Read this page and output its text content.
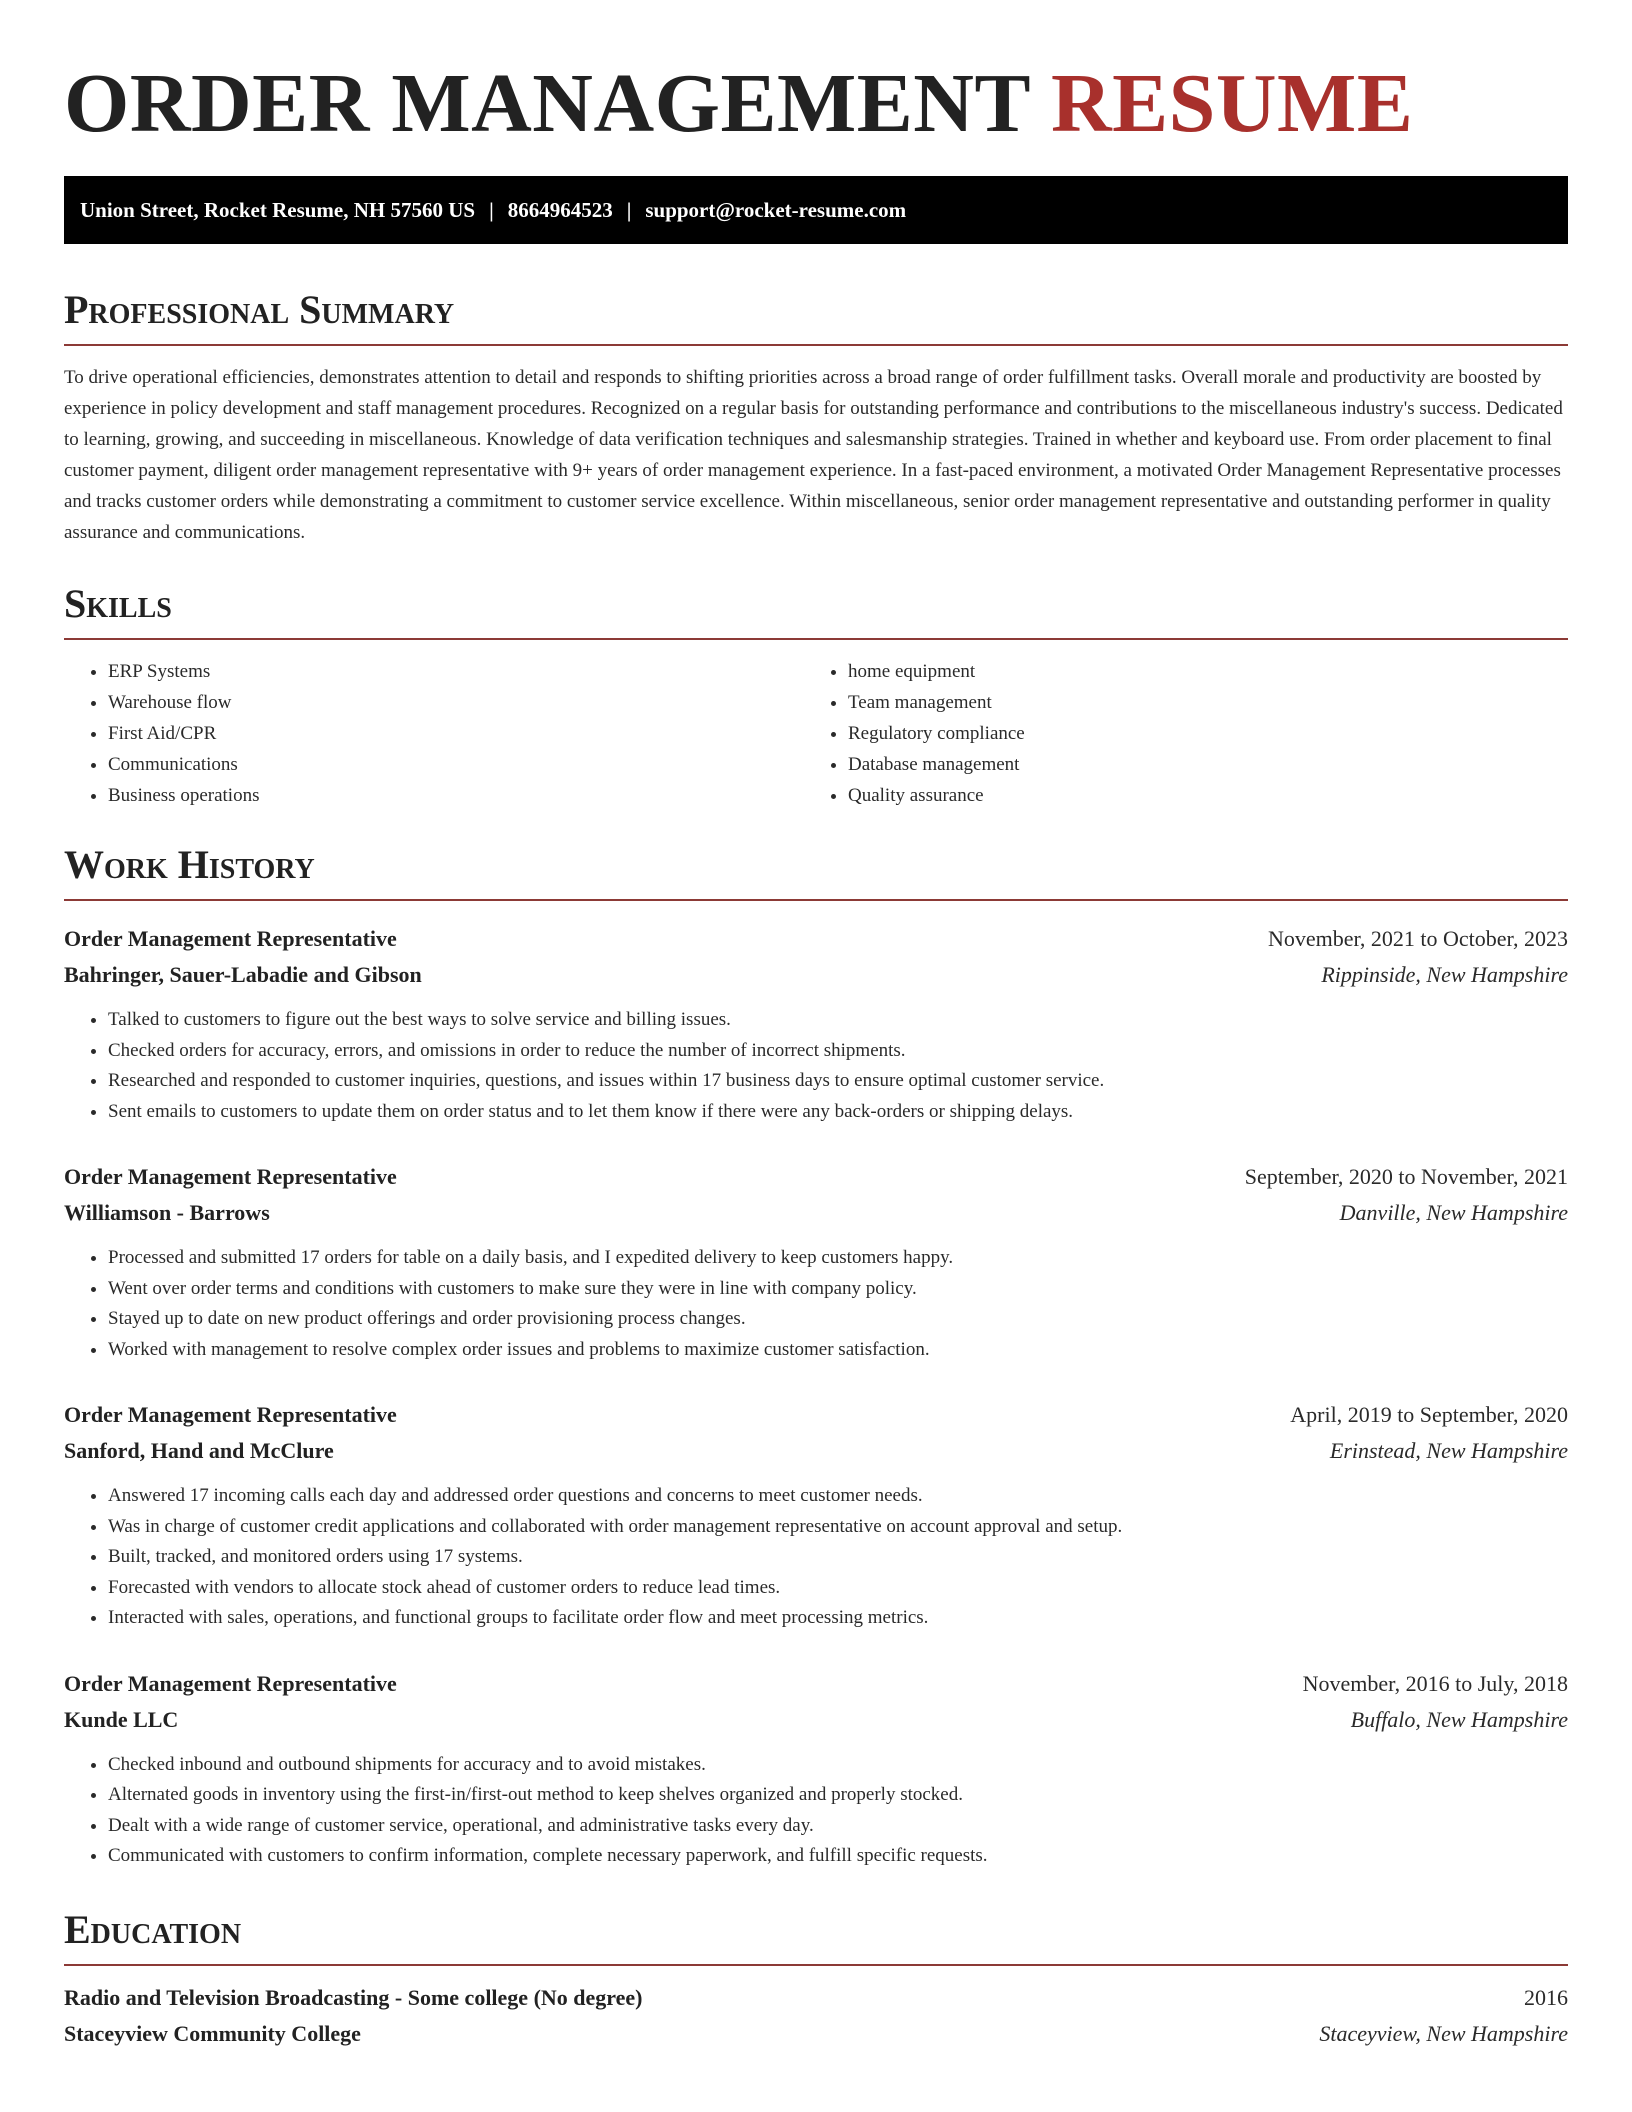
ORDER MANAGEMENT RESUME
Union Street, Rocket Resume, NH 57560 US | 8664964523 | support@rocket-resume.com
Professional Summary

To drive operational efficiencies, demonstrates attention to detail and responds to shifting priorities across a broad range of order fulfillment tasks. Overall morale and productivity are boosted by experience in policy development and staff management procedures. Recognized on a regular basis for outstanding performance and contributions to the miscellaneous industry's success. Dedicated to learning, growing, and succeeding in miscellaneous. Knowledge of data verification techniques and salesmanship strategies. Trained in whether and keyboard use. From order placement to final customer payment, diligent order management representative with 9+ years of order management experience. In a fast-paced environment, a motivated Order Management Representative processes and tracks customer orders while demonstrating a commitment to customer service excellence. Within miscellaneous, senior order management representative and outstanding performer in quality assurance and communications.

Skills
• ERP Systems
• Warehouse flow
• First Aid/CPR
• Communications
• Business operations
• home equipment
• Team management
• Regulatory compliance
• Database management
• Quality assurance
Work History
Order Management Representative	November, 2021 to October, 2023
Bahringer, Sauer-Labadie and Gibson	Rippinside, New Hampshire
• Talked to customers to figure out the best ways to solve service and billing issues.
• Checked orders for accuracy, errors, and omissions in order to reduce the number of incorrect shipments.
• Researched and responded to customer inquiries, questions, and issues within 17 business days to ensure optimal customer service.
• Sent emails to customers to update them on order status and to let them know if there were any back-orders or shipping delays.
Order Management Representative	September, 2020 to November, 2021
Williamson - Barrows	Danville, New Hampshire
• Processed and submitted 17 orders for table on a daily basis, and I expedited delivery to keep customers happy.
• Went over order terms and conditions with customers to make sure they were in line with company policy.
• Stayed up to date on new product offerings and order provisioning process changes.
• Worked with management to resolve complex order issues and problems to maximize customer satisfaction.
Order Management Representative	April, 2019 to September, 2020
Sanford, Hand and McClure	Erinstead, New Hampshire
• Answered 17 incoming calls each day and addressed order questions and concerns to meet customer needs.
• Was in charge of customer credit applications and collaborated with order management representative on account approval and setup.
• Built, tracked, and monitored orders using 17 systems.
• Forecasted with vendors to allocate stock ahead of customer orders to reduce lead times.
• Interacted with sales, operations, and functional groups to facilitate order flow and meet processing metrics.
Order Management Representative	November, 2016 to July, 2018
Kunde LLC	Buffalo, New Hampshire
• Checked inbound and outbound shipments for accuracy and to avoid mistakes.
• Alternated goods in inventory using the first-in/first-out method to keep shelves organized and properly stocked.
• Dealt with a wide range of customer service, operational, and administrative tasks every day.
• Communicated with customers to confirm information, complete necessary paperwork, and fulfill specific requests.
Education
Radio and Television Broadcasting - Some college (No degree)	2016
Staceyview Community College	Staceyview, New Hampshire
